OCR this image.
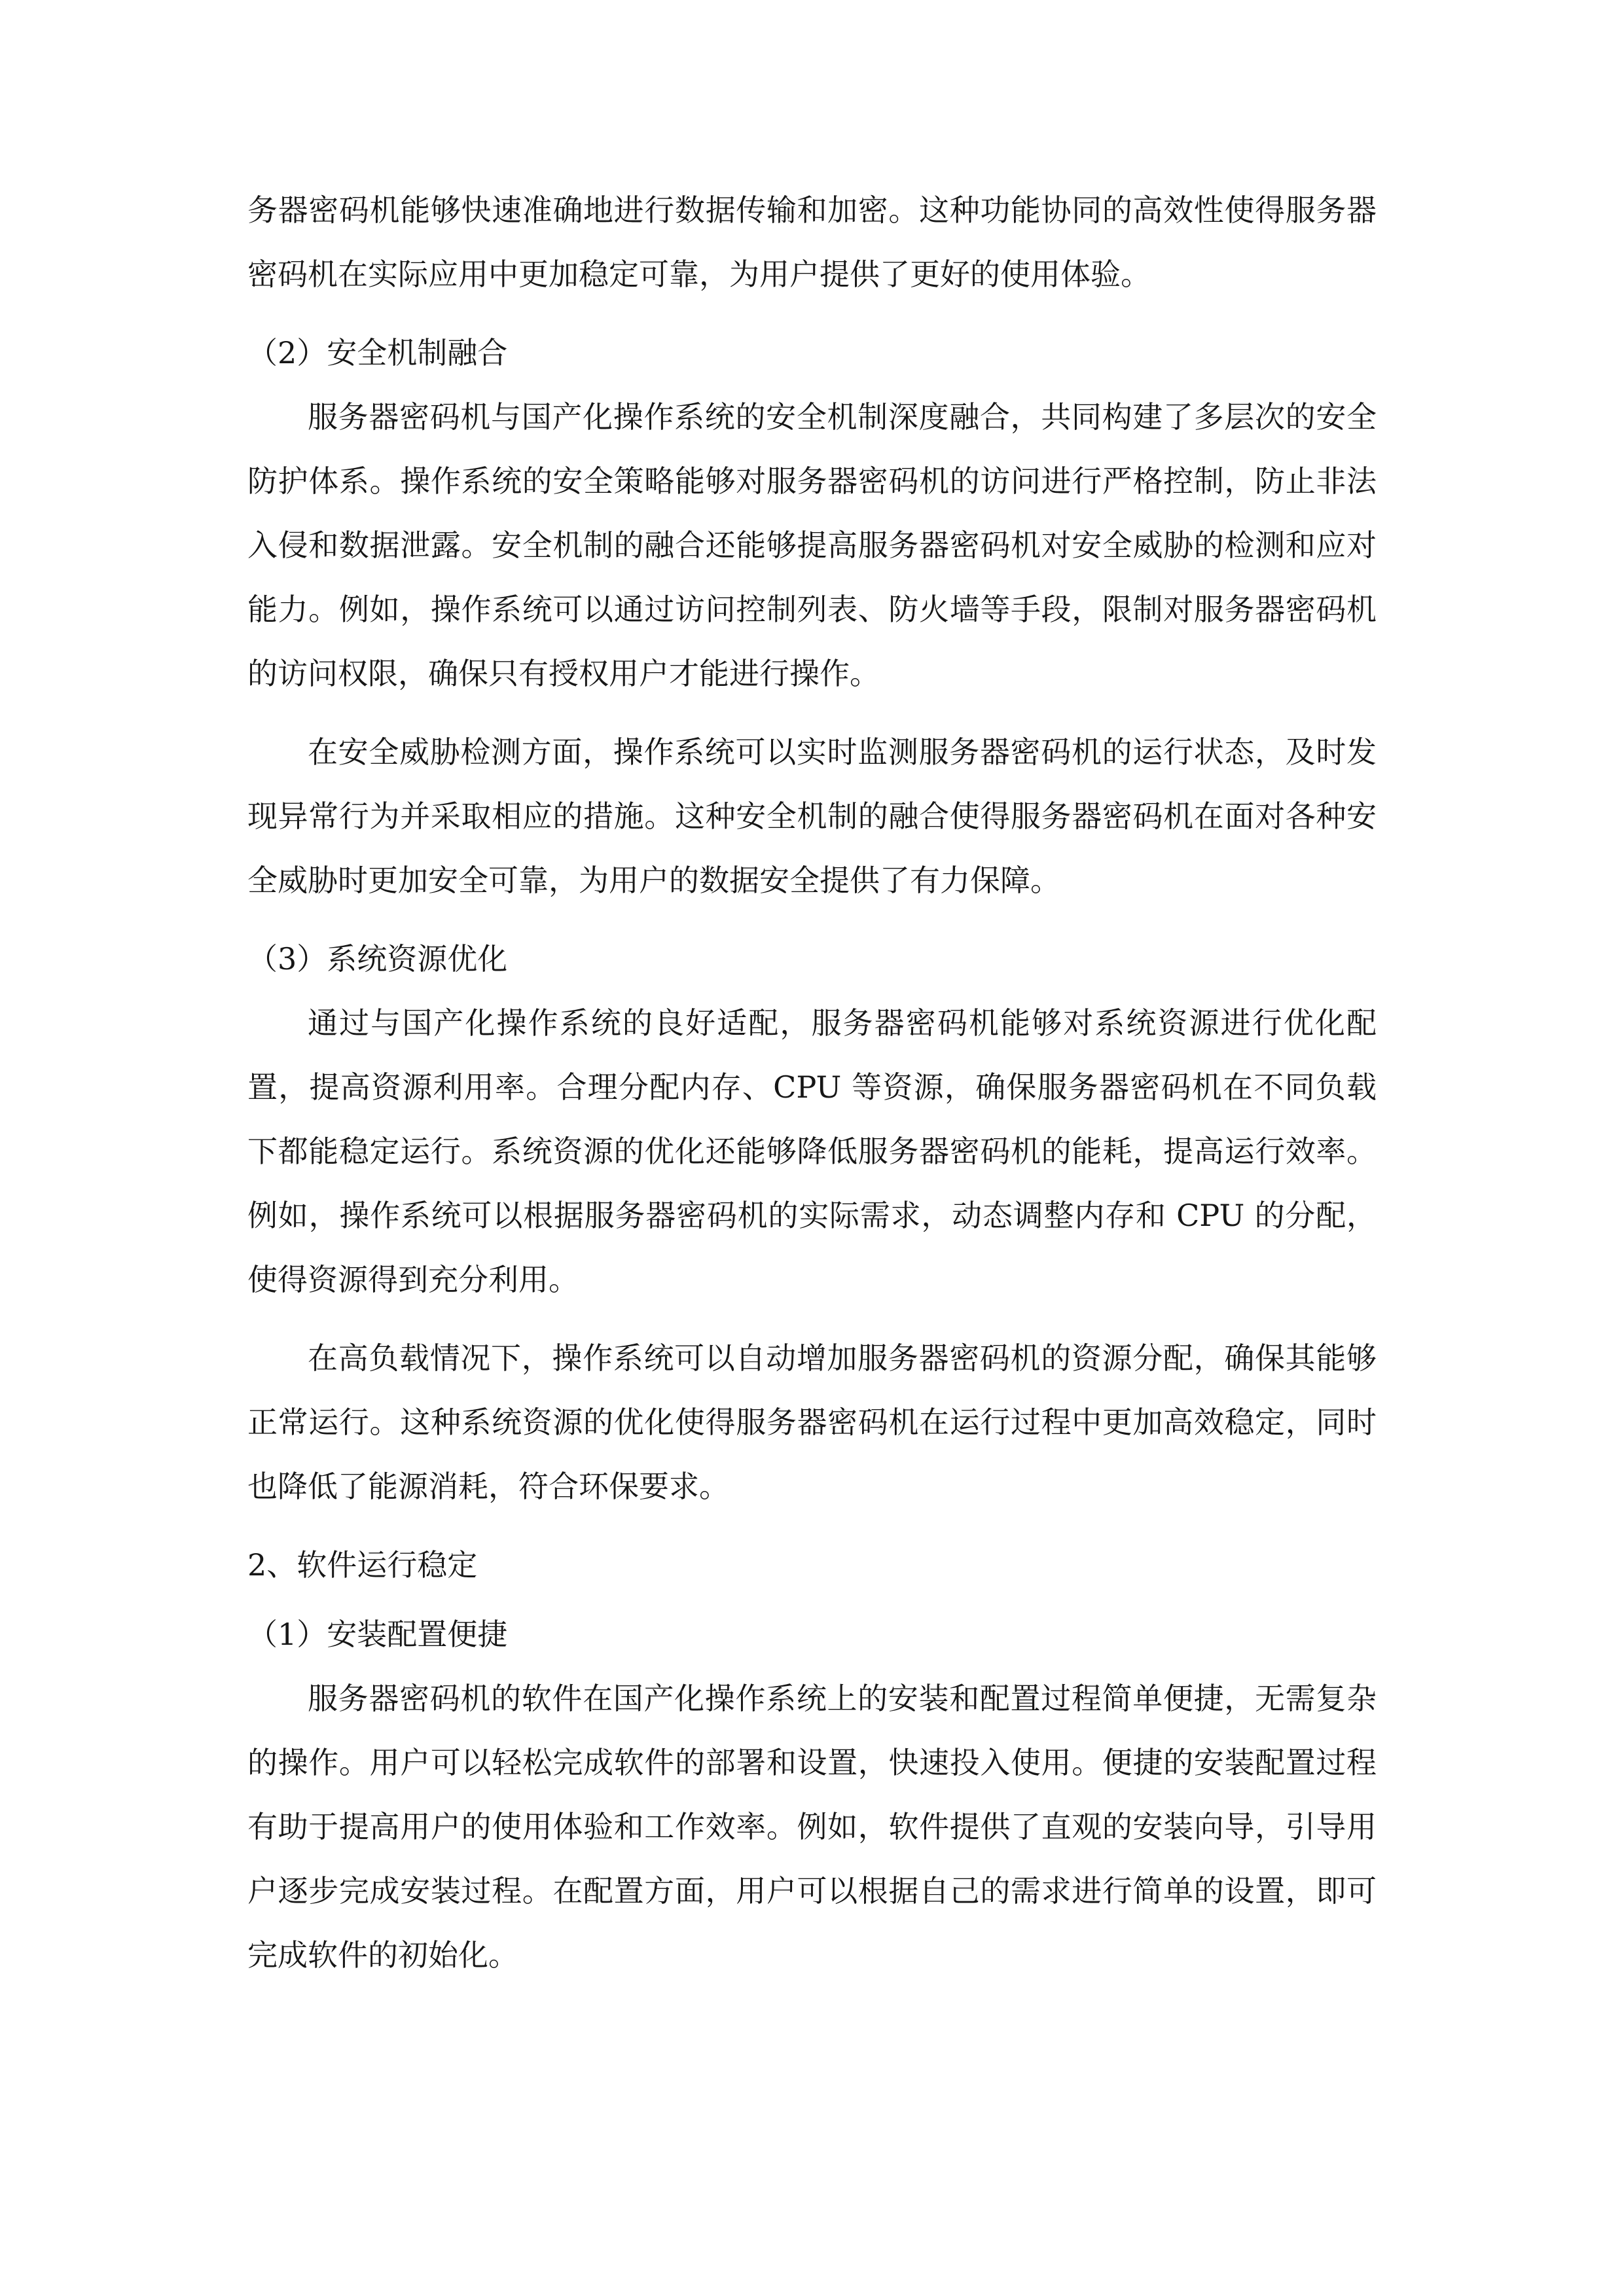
务器密码机能够快速准确地进行数据传输和加密。这种功能协同的高效性使得服务器密码机在实际应用中更加稳定可靠，为用户提供了更好的使用体验。

（2）安全机制融合

服务器密码机与国产化操作系统的安全机制深度融合，共同构建了多层次的安全防护体系。操作系统的安全策略能够对服务器密码机的访问进行严格控制，防止非法入侵和数据泄露。安全机制的融合还能够提高服务器密码机对安全威胁的检测和应对能力。例如，操作系统可以通过访问控制列表、防火墙等手段，限制对服务器密码机的访问权限，确保只有授权用户才能进行操作。

在安全威胁检测方面，操作系统可以实时监测服务器密码机的运行状态，及时发现异常行为并采取相应的措施。这种安全机制的融合使得服务器密码机在面对各种安全威胁时更加安全可靠，为用户的数据安全提供了有力保障。

（3）系统资源优化

通过与国产化操作系统的良好适配，服务器密码机能够对系统资源进行优化配置，提高资源利用率。合理分配内存、CPU 等资源，确保服务器密码机在不同负载下都能稳定运行。系统资源的优化还能够降低服务器密码机的能耗，提高运行效率。例如，操作系统可以根据服务器密码机的实际需求，动态调整内存和 CPU 的分配，使得资源得到充分利用。

在高负载情况下，操作系统可以自动增加服务器密码机的资源分配，确保其能够正常运行。这种系统资源的优化使得服务器密码机在运行过程中更加高效稳定，同时也降低了能源消耗，符合环保要求。

2、软件运行稳定

（1）安装配置便捷

服务器密码机的软件在国产化操作系统上的安装和配置过程简单便捷，无需复杂的操作。用户可以轻松完成软件的部署和设置，快速投入使用。便捷的安装配置过程有助于提高用户的使用体验和工作效率。例如，软件提供了直观的安装向导，引导用户逐步完成安装过程。在配置方面，用户可以根据自己的需求进行简单的设置，即可完成软件的初始化。
